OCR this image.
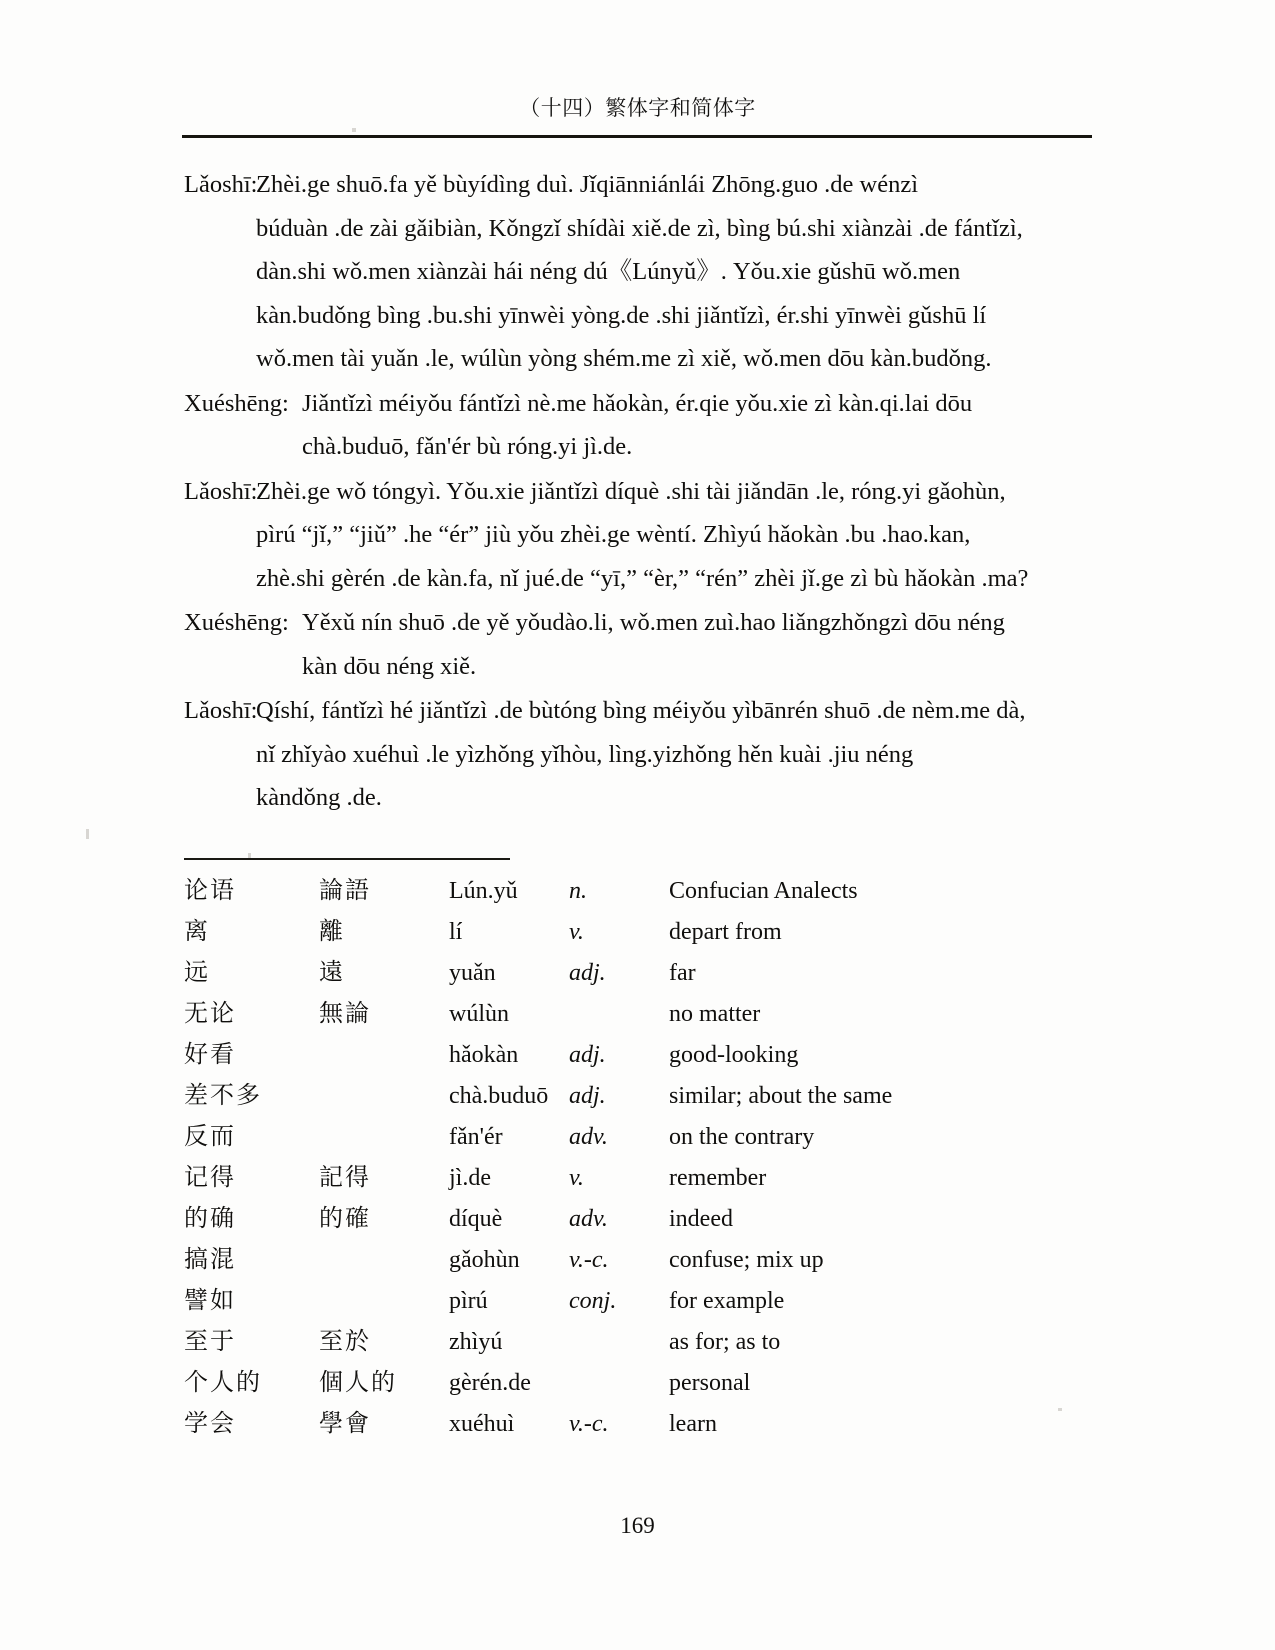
（十四）繁体字和简体字

Lǎoshī:Zhèi.ge shuō.fa yě bùyídìng duì. Jǐqiānniánlái Zhōng.guo .de wénzì

búduàn .de zài gǎibiàn, Kǒngzǐ shídài xiě.de zì, bìng bú.shi xiànzài .de fántǐzì,

dàn.shi wǒ.men xiànzài hái néng dú《Lúnyǔ》. Yǒu.xie gǔshū wǒ.men

kàn.budǒng bìng .bu.shi yīnwèi yòng.de .shi jiǎntǐzì, ér.shi yīnwèi gǔshū lí

wǒ.men tài yuǎn .le, wúlùn yòng shém.me zì xiě, wǒ.men dōu kàn.budǒng.

Xuéshēng: Jiǎntǐzì méiyǒu fántǐzì nè.me hǎokàn, ér.qie yǒu.xie zì kàn.qi.lai dōu

chà.buduō, fǎn'ér bù róng.yi jì.de.

Lǎoshī:Zhèi.ge wǒ tóngyì. Yǒu.xie jiǎntǐzì díquè .shi tài jiǎndān .le, róng.yi gǎohùn,

pìrú “jǐ,” “jiǔ” .he “ér” jiù yǒu zhèi.ge wèntí. Zhìyú hǎokàn .bu .hao.kan,

zhè.shi gèrén .de kàn.fa, nǐ jué.de “yī,” “èr,” “rén” zhèi jǐ.ge zì bù hǎokàn .ma?

Xuéshēng: Yěxǔ nín shuō .de yě yǒudào.li, wǒ.men zuì.hao liǎngzhǒngzì dōu néng

kàn dōu néng xiě.

Lǎoshī:Qíshí, fántǐzì hé jiǎntǐzì .de bùtóng bìng méiyǒu yìbānrén shuō .de nèm.me dà,

nǐ zhǐyào xuéhuì .le yìzhǒng yǐhòu, lìng.yizhǒng hěn kuài .jiu néng

kàndǒng .de.

论语	論語	Lún.yǔ	n.	Confucian Analects
离	離	lí	v.	depart from
远	遠	yuǎn	adj.	far
无论	無論	wúlùn		no matter
好看		hǎokàn	adj.	good-looking
差不多		chà.buduō	adj.	similar; about the same
反而		fǎn'ér	adv.	on the contrary
记得	記得	jì.de	v.	remember
的确	的確	díquè	adv.	indeed
搞混		gǎohùn	v.-c.	confuse; mix up
譬如		pìrú	conj.	for example
至于	至於	zhìyú		as for; as to
个人的	個人的	gèrén.de		personal
学会	學會	xuéhuì	v.-c.	learn
169
